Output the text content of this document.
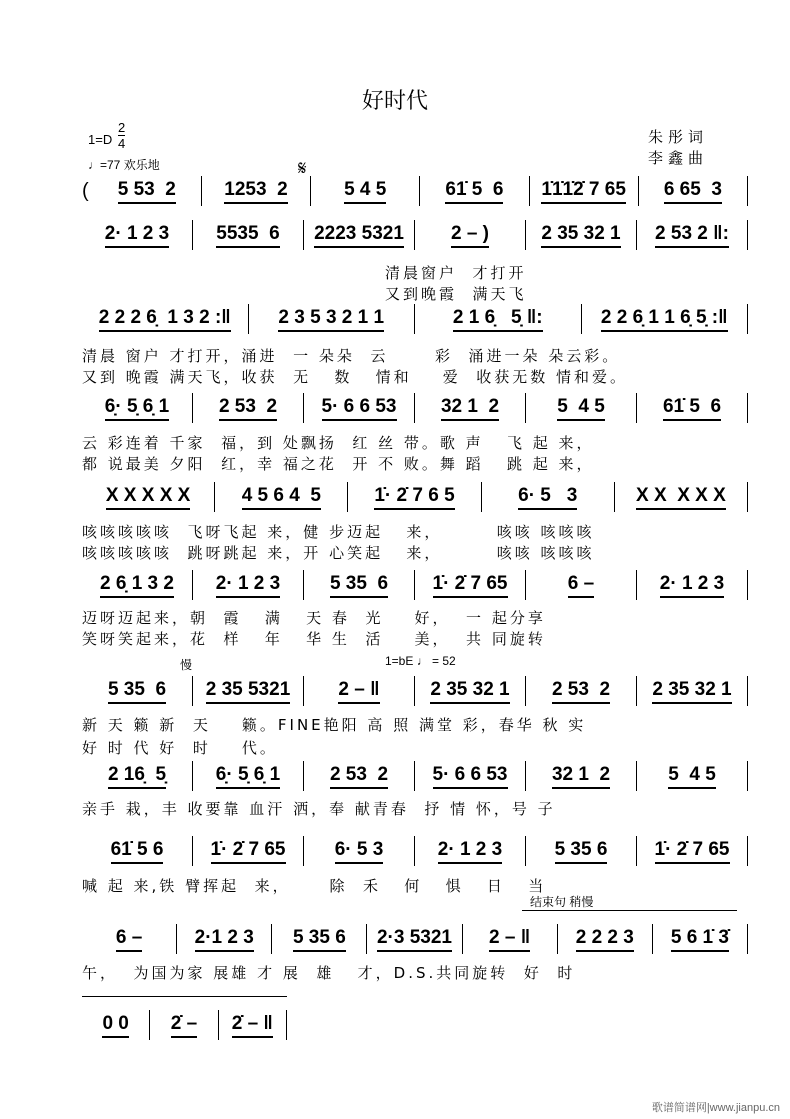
好时代
$1=D \frac{2}{4}$
♩=77 欢乐地
朱彤词
李鑫曲
𝄋
慢	1=bE ♩ = 52
结束句 稍慢
( 5 53  2	1253  2	5 4 5	61̇ 5  6 1̇1̇1̇2̇ 7 65 6 65  3
2· 1 2 3 5535  6 2223 5321 2 – )	2 35 32 1 2 53 2 ‖:
清晨窗户  才打开
又到晚霞  满天飞
2 2 2 6̣  1 3 2 :‖	2 3 5 3 2 1 1	2 1 6̣   5̣ ‖:	2 2 6̣ 1 1 6̣ 5̣ :‖
清晨 窗户 才打开，涌进  一 朵朵  云      彩  涌进一朵 朵云彩。
又到 晚霞 满天飞，收获  无   数   情和    爱  收获无数 情和爱。
6̣· 5̣ 6̣ 1	2 53  2 5· 6 6 53 32 1  2	5  4 5	61̇ 5  6
云 彩连着 千家  福，到 处飘扬  红 丝 带。歌 声   飞 起 来，
都 说最美 夕阳  红，幸 福之花  开 不 败。舞 蹈   跳 起 来，
X X X X X	4 5 6 4  5	1̇· 2̇ 7 6 5	6· 5   3	X X  X X X
咳咳咳咳咳  飞呀飞起 来，健 步迈起   来，       咳咳 咳咳咳
咳咳咳咳咳  跳呀跳起 来，开 心笑起   来，       咳咳 咳咳咳
2 6̣ 1 3 2 2· 1 2 3	5 35  6 1̇· 2̇ 7 65	6 –	2· 1 2 3
迈呀迈起来，朝  霞   满   天 春  光    好，  一 起分享
笑呀笑起来，花  样   年   华 生  活    美，  共 同旋转
5 35  6 2 35 5321	2 – ‖	2 35 32 1 2 53  2 2 35 32 1
新 天 籁 新  天    籁。FINE艳阳 高 照 满堂 彩，春华 秋 实
好 时 代 好  时    代。
2 16̣  5̣	6̣· 5̣ 6̣ 1	2 53  2 5· 6 6 53 32 1  2	5  4 5
亲手 栽，丰 收要靠 血汗 洒，奉 献青春  抒 情 怀，号 子
61̇ 5 6 1̇· 2̇ 7 65	6· 5 3	2· 1 2 3	5 35 6 1̇· 2̇ 7 65
喊 起 来,铁 臂挥起  来，     除  禾   何   惧   日   当
6 –	2·1 2 3 5 35 6 2·3 5321 2 – ‖ 2 2 2 3 5 6 1̇ 3̇
午，  为国为家 展雄 才 展  雄   才，D.S.共同旋转  好  时
0 0 2̇ – 2̇ – ‖
歌谱简谱网|www.jianpu.cn
